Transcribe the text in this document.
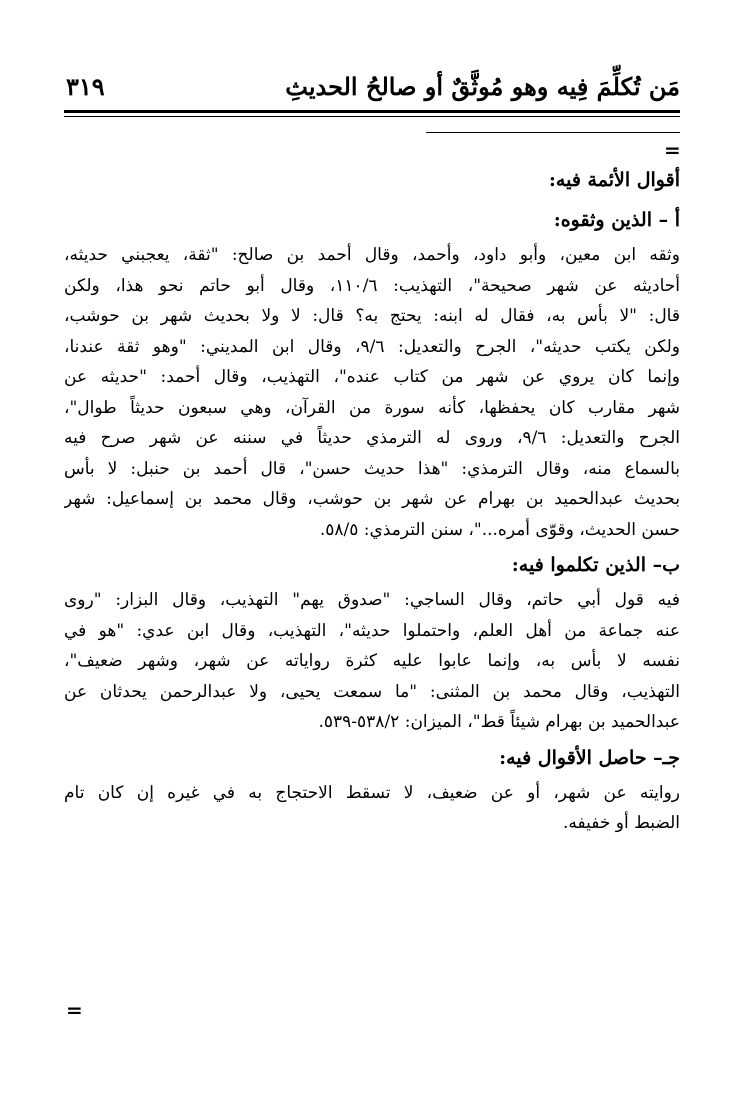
مَن تُكلِّمَ فِيه وهو مُوثَّقٌ أو صالحُ الحديثِ
٣١٩
=
أقوال الأئمة فيه:
أ – الذين وثقوه:
وثقه ابن معين، وأبو داود، وأحمد، وقال أحمد بن صالح: "ثقة، يعجبني حديثه،
أحاديثه عن شهر صحيحة"، التهذيب: ١١٠/٦، وقال أبو حاتم نحو هذا، ولكن
قال: "لا بأس به، فقال له ابنه: يحتج به؟ قال: لا ولا بحديث شهر بن حوشب،
ولكن يكتب حديثه"، الجرح والتعديل: ٩/٦، وقال ابن المديني: "وهو ثقة عندنا،
وإنما كان يروي عن شهر من كتاب عنده"، التهذيب، وقال أحمد: "حديثه عن
شهر مقارب كان يحفظها، كأنه سورة من القرآن، وهي سبعون حديثاً طوال"،
الجرح والتعديل: ٩/٦، وروى له الترمذي حديثاً في سننه عن شهر صرح فيه
بالسماع منه، وقال الترمذي: "هذا حديث حسن"، قال أحمد بن حنبل: لا بأس
بحديث عبدالحميد بن بهرام عن شهر بن حوشب، وقال محمد بن إسماعيل: شهر
حسن الحديث، وقوّى أمره..."، سنن الترمذي: ٥٨/٥.
ب– الذين تكلموا فيه:
فيه قول أبي حاتم، وقال الساجي: "صدوق يهم" التهذيب، وقال البزار: "روى
عنه جماعة من أهل العلم، واحتملوا حديثه"، التهذيب، وقال ابن عدي: "هو في
نفسه لا بأس به، وإنما عابوا عليه كثرة رواياته عن شهر، وشهر ضعيف"،
التهذيب، وقال محمد بن المثنى: "ما سمعت يحيى، ولا عبدالرحمن يحدثان عن
عبدالحميد بن بهرام شيئاً قط"، الميزان: ٥٣٨/٢-٥٣٩.
جـ– حاصل الأقوال فيه:
روايته عن شهر، أو عن ضعيف، لا تسقط الاحتجاج به في غيره إن كان تام
الضبط أو خفيفه.
=
